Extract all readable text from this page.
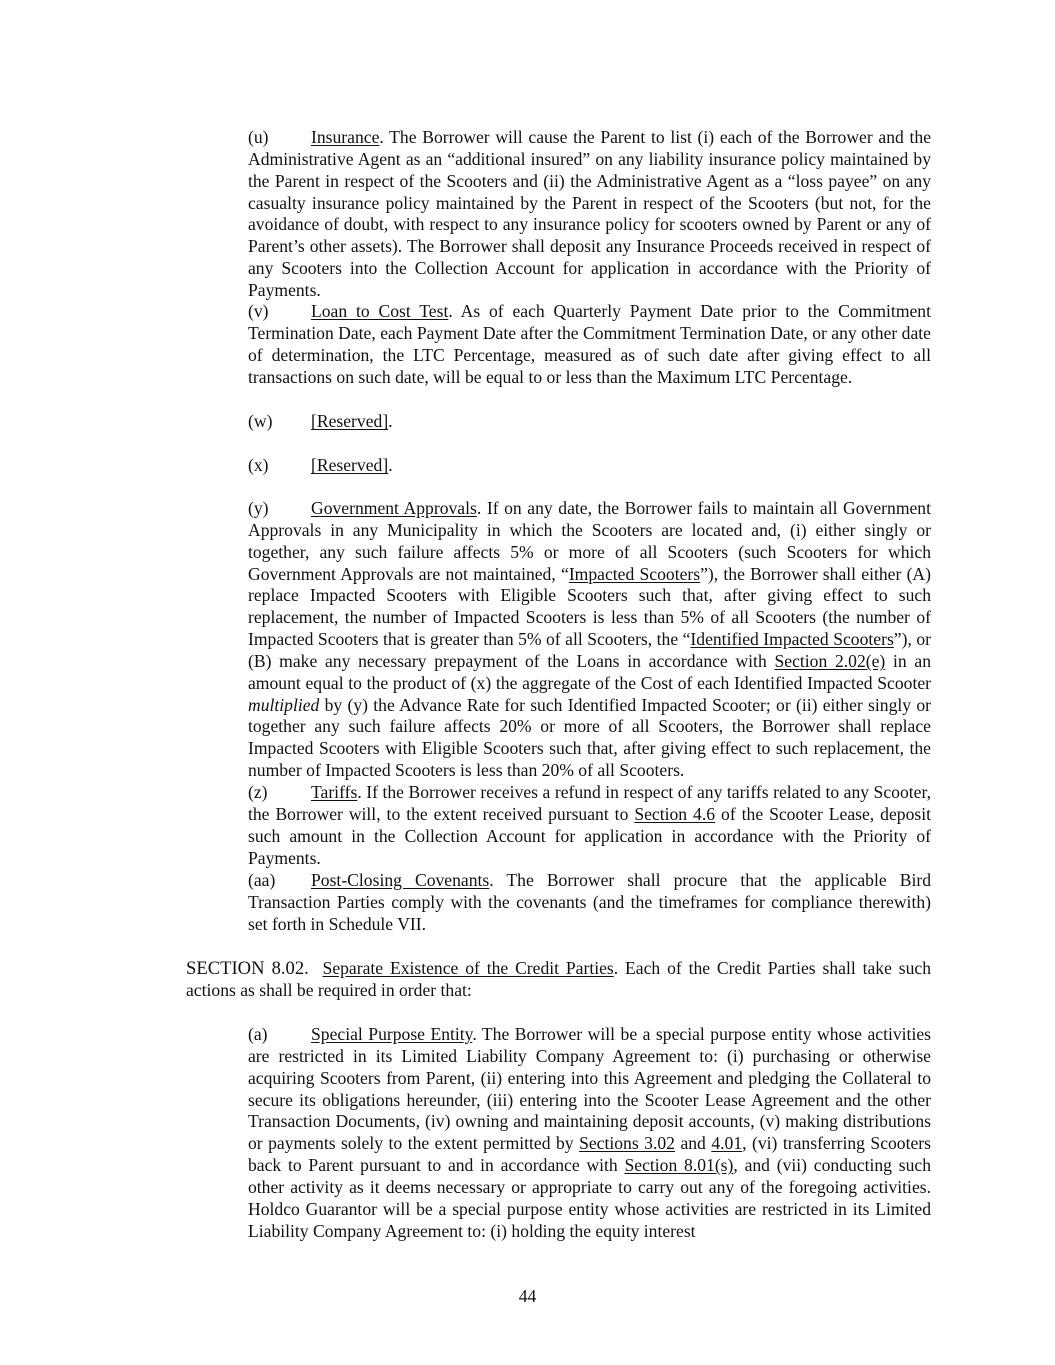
(u) Insurance. The Borrower will cause the Parent to list (i) each of the Borrower and the Administrative Agent as an “additional insured” on any liability insurance policy maintained by the Parent in respect of the Scooters and (ii) the Administrative Agent as a “loss payee” on any casualty insurance policy maintained by the Parent in respect of the Scooters (but not, for the avoidance of doubt, with respect to any insurance policy for scooters owned by Parent or any of Parent’s other assets). The Borrower shall deposit any Insurance Proceeds received in respect of any Scooters into the Collection Account for application in accordance with the Priority of Payments.

(v) Loan to Cost Test. As of each Quarterly Payment Date prior to the Commitment Termination Date, each Payment Date after the Commitment Termination Date, or any other date of determination, the LTC Percentage, measured as of such date after giving effect to all transactions on such date, will be equal to or less than the Maximum LTC Percentage.

(w) [Reserved].

(x) [Reserved].

(y) Government Approvals. If on any date, the Borrower fails to maintain all Government Approvals in any Municipality in which the Scooters are located and, (i) either singly or together, any such failure affects 5% or more of all Scooters (such Scooters for which Government Approvals are not maintained, “Impacted Scooters”), the Borrower shall either (A) replace Impacted Scooters with Eligible Scooters such that, after giving effect to such replacement, the number of Impacted Scooters is less than 5% of all Scooters (the number of Impacted Scooters that is greater than 5% of all Scooters, the “Identified Impacted Scooters”), or (B) make any necessary prepayment of the Loans in accordance with Section 2.02(e) in an amount equal to the product of (x) the aggregate of the Cost of each Identified Impacted Scooter multiplied by (y) the Advance Rate for such Identified Impacted Scooter; or (ii) either singly or together any such failure affects 20% or more of all Scooters, the Borrower shall replace Impacted Scooters with Eligible Scooters such that, after giving effect to such replacement, the number of Impacted Scooters is less than 20% of all Scooters.

(z) Tariffs. If the Borrower receives a refund in respect of any tariffs related to any Scooter, the Borrower will, to the extent received pursuant to Section 4.6 of the Scooter Lease, deposit such amount in the Collection Account for application in accordance with the Priority of Payments.

(aa) Post-Closing Covenants. The Borrower shall procure that the applicable Bird Transaction Parties comply with the covenants (and the timeframes for compliance therewith) set forth in Schedule VII.

SECTION 8.02. Separate Existence of the Credit Parties. Each of the Credit Parties shall take such actions as shall be required in order that:

(a) Special Purpose Entity. The Borrower will be a special purpose entity whose activities are restricted in its Limited Liability Company Agreement to: (i) purchasing or otherwise acquiring Scooters from Parent, (ii) entering into this Agreement and pledging the Collateral to secure its obligations hereunder, (iii) entering into the Scooter Lease Agreement and the other Transaction Documents, (iv) owning and maintaining deposit accounts, (v) making distributions or payments solely to the extent permitted by Sections 3.02 and 4.01, (vi) transferring Scooters back to Parent pursuant to and in accordance with Section 8.01(s), and (vii) conducting such other activity as it deems necessary or appropriate to carry out any of the foregoing activities. Holdco Guarantor will be a special purpose entity whose activities are restricted in its Limited Liability Company Agreement to: (i) holding the equity interest

44
